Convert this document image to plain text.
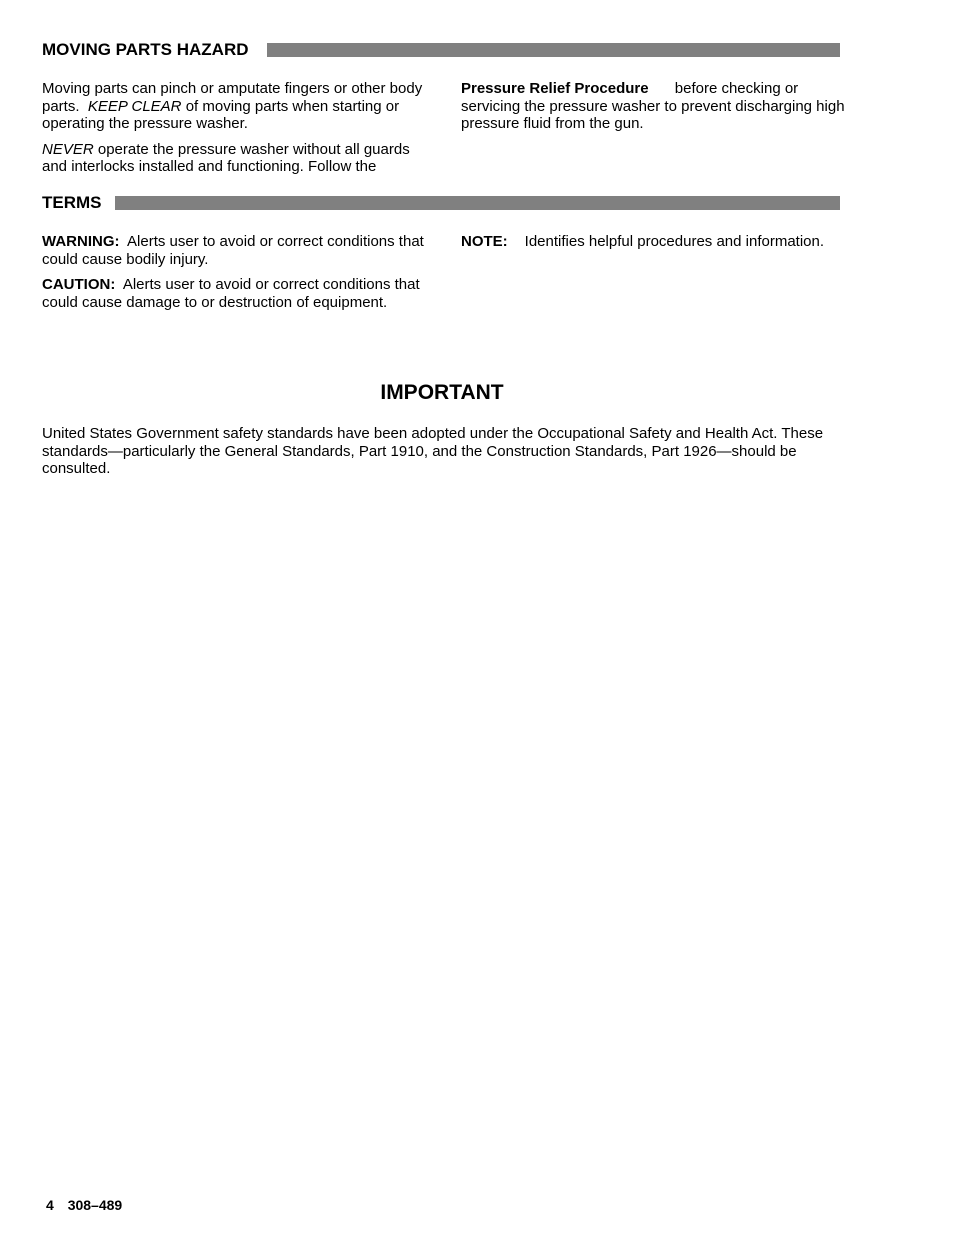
MOVING PARTS HAZARD

Moving parts can pinch or amputate fingers or other body parts. KEEP CLEAR of moving parts when starting or operating the pressure washer.

NEVER operate the pressure washer without all guards and interlocks installed and functioning. Follow the

Pressure Relief Procedure before checking or servicing the pressure washer to prevent discharging high pressure fluid from the gun.

TERMS

WARNING: Alerts user to avoid or correct conditions that could cause bodily injury.

CAUTION: Alerts user to avoid or correct conditions that could cause damage to or destruction of equipment.

NOTE: Identifies helpful procedures and information.

IMPORTANT
United States Government safety standards have been adopted under the Occupational Safety and Health Act. These standards—particularly the General Standards, Part 1910, and the Construction Standards, Part 1926—should be consulted.
4 308–489
